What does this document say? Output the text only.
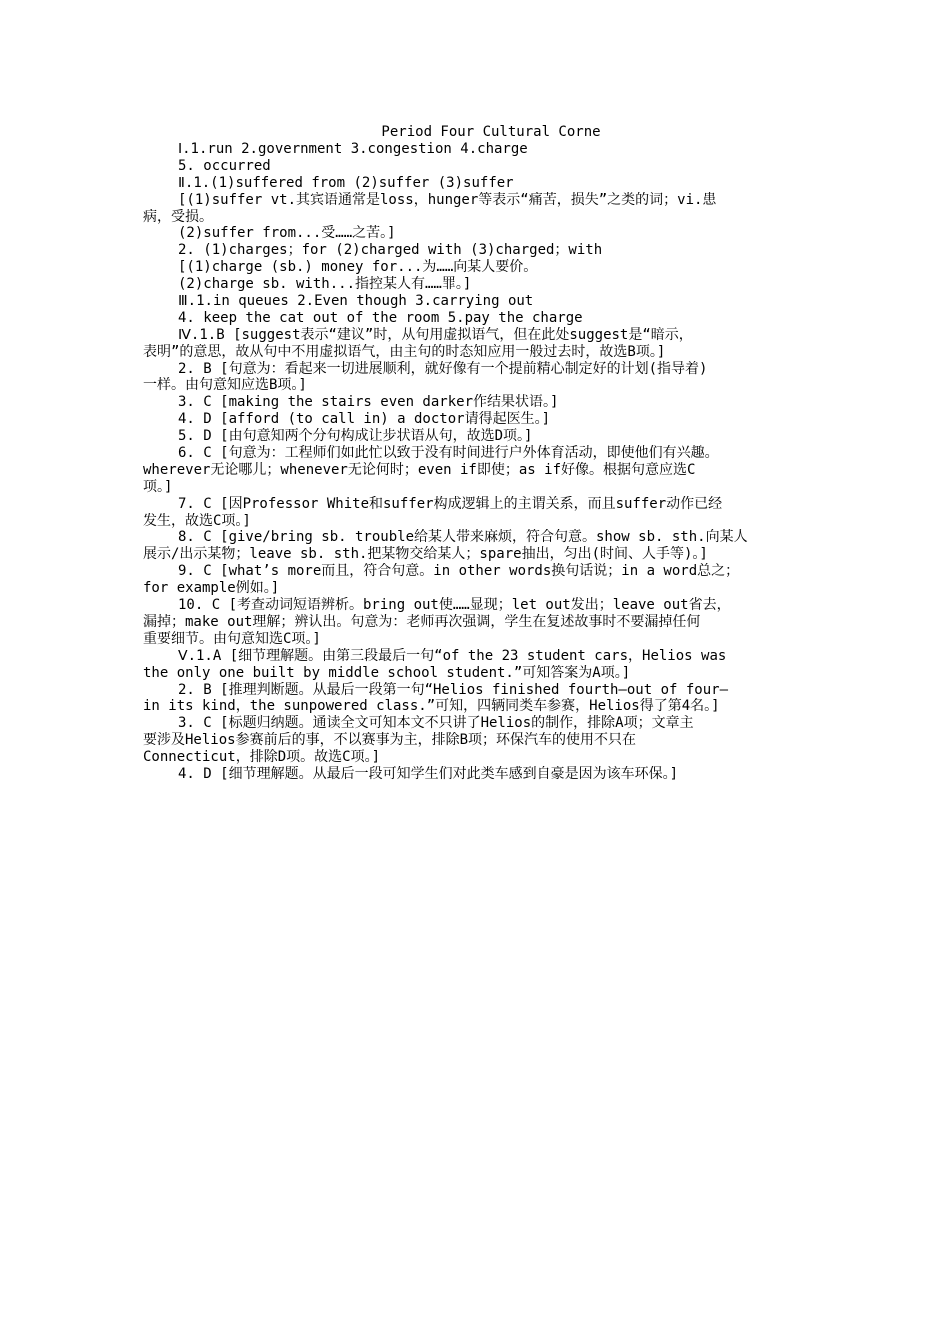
Period Four Cultural Corne
Ⅰ.1.run 2.government 3.congestion 4.charge
5. occurred
Ⅱ.1.(1)suffered from (2)suffer (3)suffer
[(1)suffer vt.其宾语通常是loss，hunger等表示“痛苦，损失”之类的词；vi.患
病，受损。
(2)suffer from...受……之苦。]
2. (1)charges；for (2)charged with (3)charged；with
[(1)charge (sb.) money for...为……向某人要价。
(2)charge sb. with...指控某人有……罪。]
Ⅲ.1.in queues 2.Even though 3.carrying out
4. keep the cat out of the room 5.pay the charge
Ⅳ.1.B [suggest表示“建议”时，从句用虚拟语气，但在此处suggest是“暗示，
表明”的意思，故从句中不用虚拟语气，由主句的时态知应用一般过去时，故选B项。]
2. B [句意为：看起来一切进展顺利，就好像有一个提前精心制定好的计划(指导着)
一样。由句意知应选B项。]
3. C [making the stairs even darker作结果状语。]
4. D [afford (to call in) a doctor请得起医生。]
5. D [由句意知两个分句构成让步状语从句，故选D项。]
6. C [句意为：工程师们如此忙以致于没有时间进行户外体育活动，即使他们有兴趣。
wherever无论哪儿；whenever无论何时；even if即使；as if好像。根据句意应选C
项。]
7. C [因Professor White和suffer构成逻辑上的主谓关系，而且suffer动作已经
发生，故选C项。]
8. C [give/bring sb. trouble给某人带来麻烦，符合句意。show sb. sth.向某人
展示/出示某物；leave sb. sth.把某物交给某人；spare抽出，匀出(时间、人手等)。]
9. C [what’s more而且，符合句意。in other words换句话说；in a word总之；
for example例如。]
10. C [考查动词短语辨析。bring out使……显现；let out发出；leave out省去，
漏掉；make out理解；辨认出。句意为：老师再次强调，学生在复述故事时不要漏掉任何
重要细节。由句意知选C项。]
Ⅴ.1.A [细节理解题。由第三段最后一句“of the 23 student cars，Helios was
the only one built by middle school student.”可知答案为A项。]
2. B [推理判断题。从最后一段第一句“Helios finished fourth—out of four—
in its kind，the sunpowered class.”可知，四辆同类车参赛，Helios得了第4名。]
3. C [标题归纳题。通读全文可知本文不只讲了Helios的制作，排除A项；文章主
要涉及Helios参赛前后的事，不以赛事为主，排除B项；环保汽车的使用不只在
Connecticut，排除D项。故选C项。]
4. D [细节理解题。从最后一段可知学生们对此类车感到自豪是因为该车环保。]
